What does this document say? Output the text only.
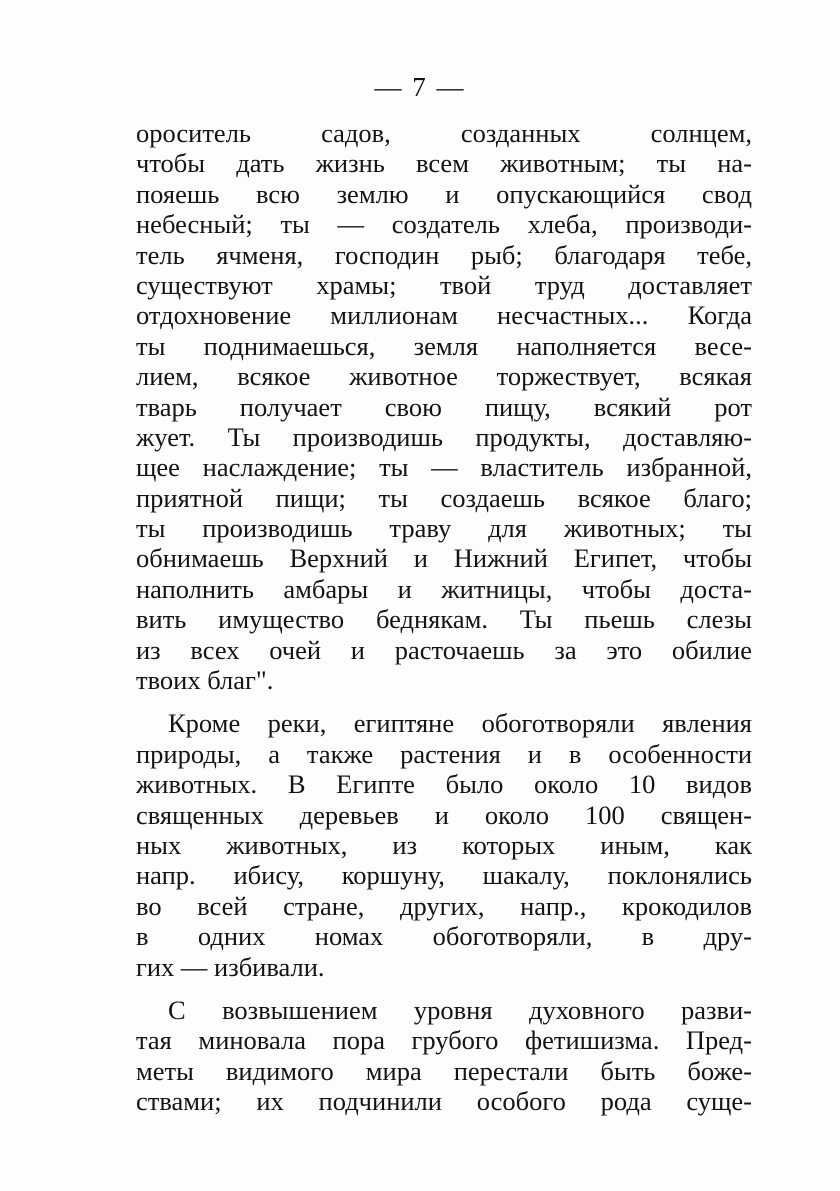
— 7 —
ороситель садов, созданных солнцем,
чтобы дать жизнь всем животным; ты на-
пояешь всю землю и опускающийся свод
небесный; ты — создатель хлеба, производи-
тель ячменя, господин рыб; благодаря тебе,
существуют храмы; твой труд доставляет
отдохновение миллионам несчастных... Когда
ты поднимаешься, земля наполняется весе-
лием, всякое животное торжествует, всякая
тварь получает свою пищу, всякий рот
жует. Ты производишь продукты, доставляю-
щее наслаждение; ты — властитель избранной,
приятной пищи; ты создаешь всякое благо;
ты производишь траву для животных; ты
обнимаешь Верхний и Нижний Египет, чтобы
наполнить амбары и житницы, чтобы доста-
вить имущество беднякам. Ты пьешь слезы
из всех очей и расточаешь за это обилие
твоих благ".
Кроме реки, египтяне обоготворяли явления
природы, а также растения и в особенности
животных. В Египте было около 10 видов
священных деревьев и около 100 священ-
ных животных, из которых иным, как
напр. ибису, коршуну, шакалу, поклонялись
во всей стране, других, напр., крокодилов
в одних номах обоготворяли, в дру-
гих — избивали.
С возвышением уровня духовного разви-
тая миновала пора грубого фетишизма. Пред-
меты видимого мира перестали быть боже-
ствами; их подчинили особого рода суще-
